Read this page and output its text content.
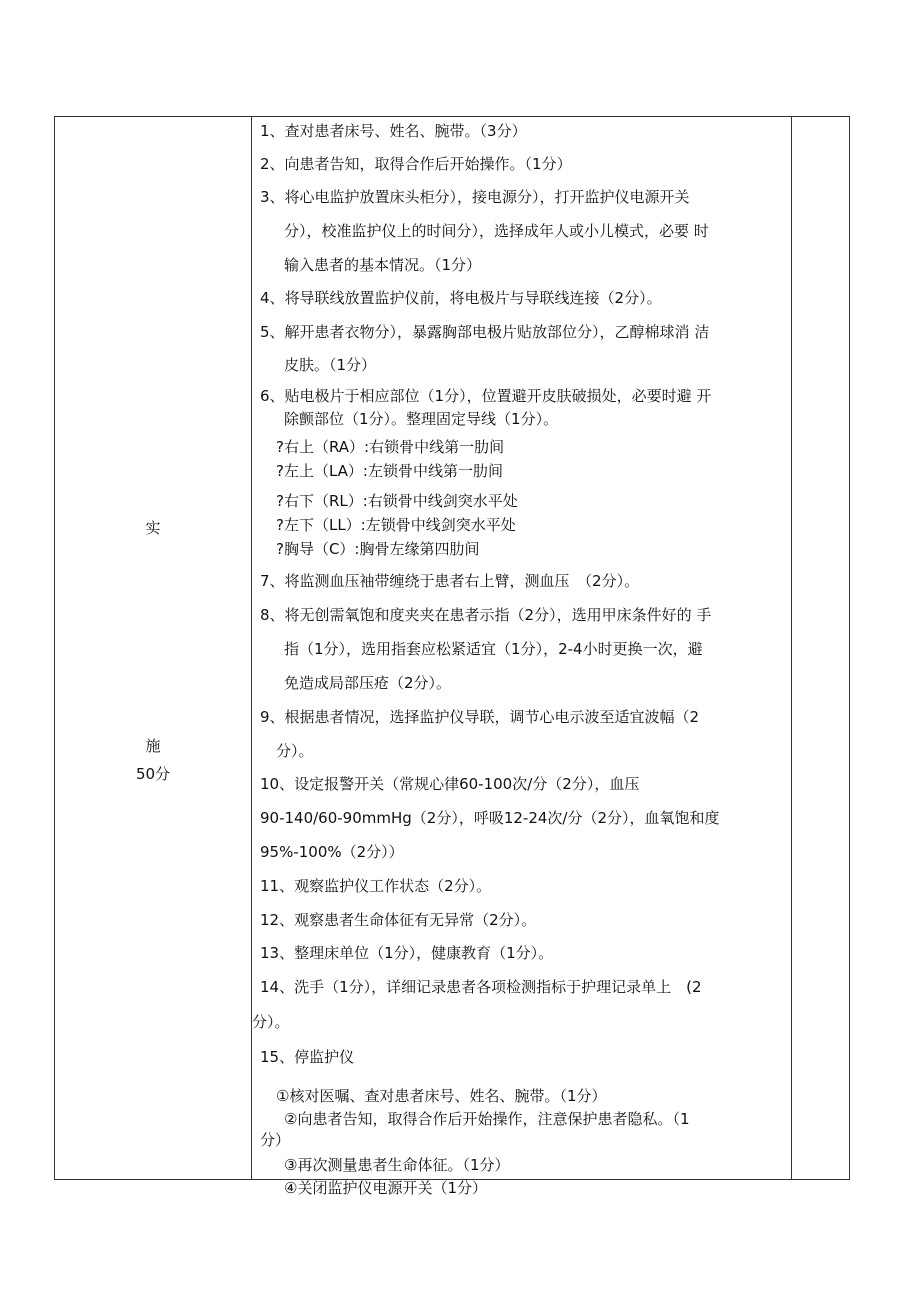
实
施
50分
1、查对患者床号、姓名、腕带。（3分）
2、向患者告知，取得合作后开始操作。（1分）
3、将心电监护放置床头柜分），接电源分），打开监护仪电源开关
分），校准监护仪上的时间分），选择成年人或小儿模式，必要 时
输入患者的基本情况。（1分）
4、将导联线放置监护仪前，将电极片与导联线连接（2分）。
5、解开患者衣物分），暴露胸部电极片贴放部位分），乙醇棉球消 洁
皮肤。（1分）
6、贴电极片于相应部位（1分），位置避开皮肤破损处，必要时避 开
除颤部位（1分）。整理固定导线（1分）。
?右上（RA）:右锁骨中线第一肋间
?左上（LA）:左锁骨中线第一肋间
?右下（RL）:右锁骨中线剑突水平处
?左下（LL）:左锁骨中线剑突水平处
?胸导（C）:胸骨左缘第四肋间
7、将监测血压袖带缠绕于患者右上臂，测血压　（2分）。
8、将无创需氧饱和度夹夹在患者示指（2分），选用甲床条件好的 手
指（1分），选用指套应松紧适宜（1分），2-4小时更换一次，避
免造成局部压疮（2分）。
9、根据患者情况，选择监护仪导联，调节心电示波至适宜波幅（2
分）。
10、设定报警开关（常规心律60-100次/分（2分），血压
90-140/60-90mmHg（2分），呼吸12-24次/分（2分），血氧饱和度
95%-100%（2分））
11、观察监护仪工作状态（2分）。
12、观察患者生命体征有无异常（2分）。
13、整理床单位（1分），健康教育（1分）。
14、洗手（1分），详细记录患者各项检测指标于护理记录单上　(2
分）。
15、停监护仪
①核对医嘱、查对患者床号、姓名、腕带。（1分）
②向患者告知，取得合作后开始操作，注意保护患者隐私。（1
分）
③再次测量患者生命体征。（1分）
④关闭监护仪电源开关（1分）
